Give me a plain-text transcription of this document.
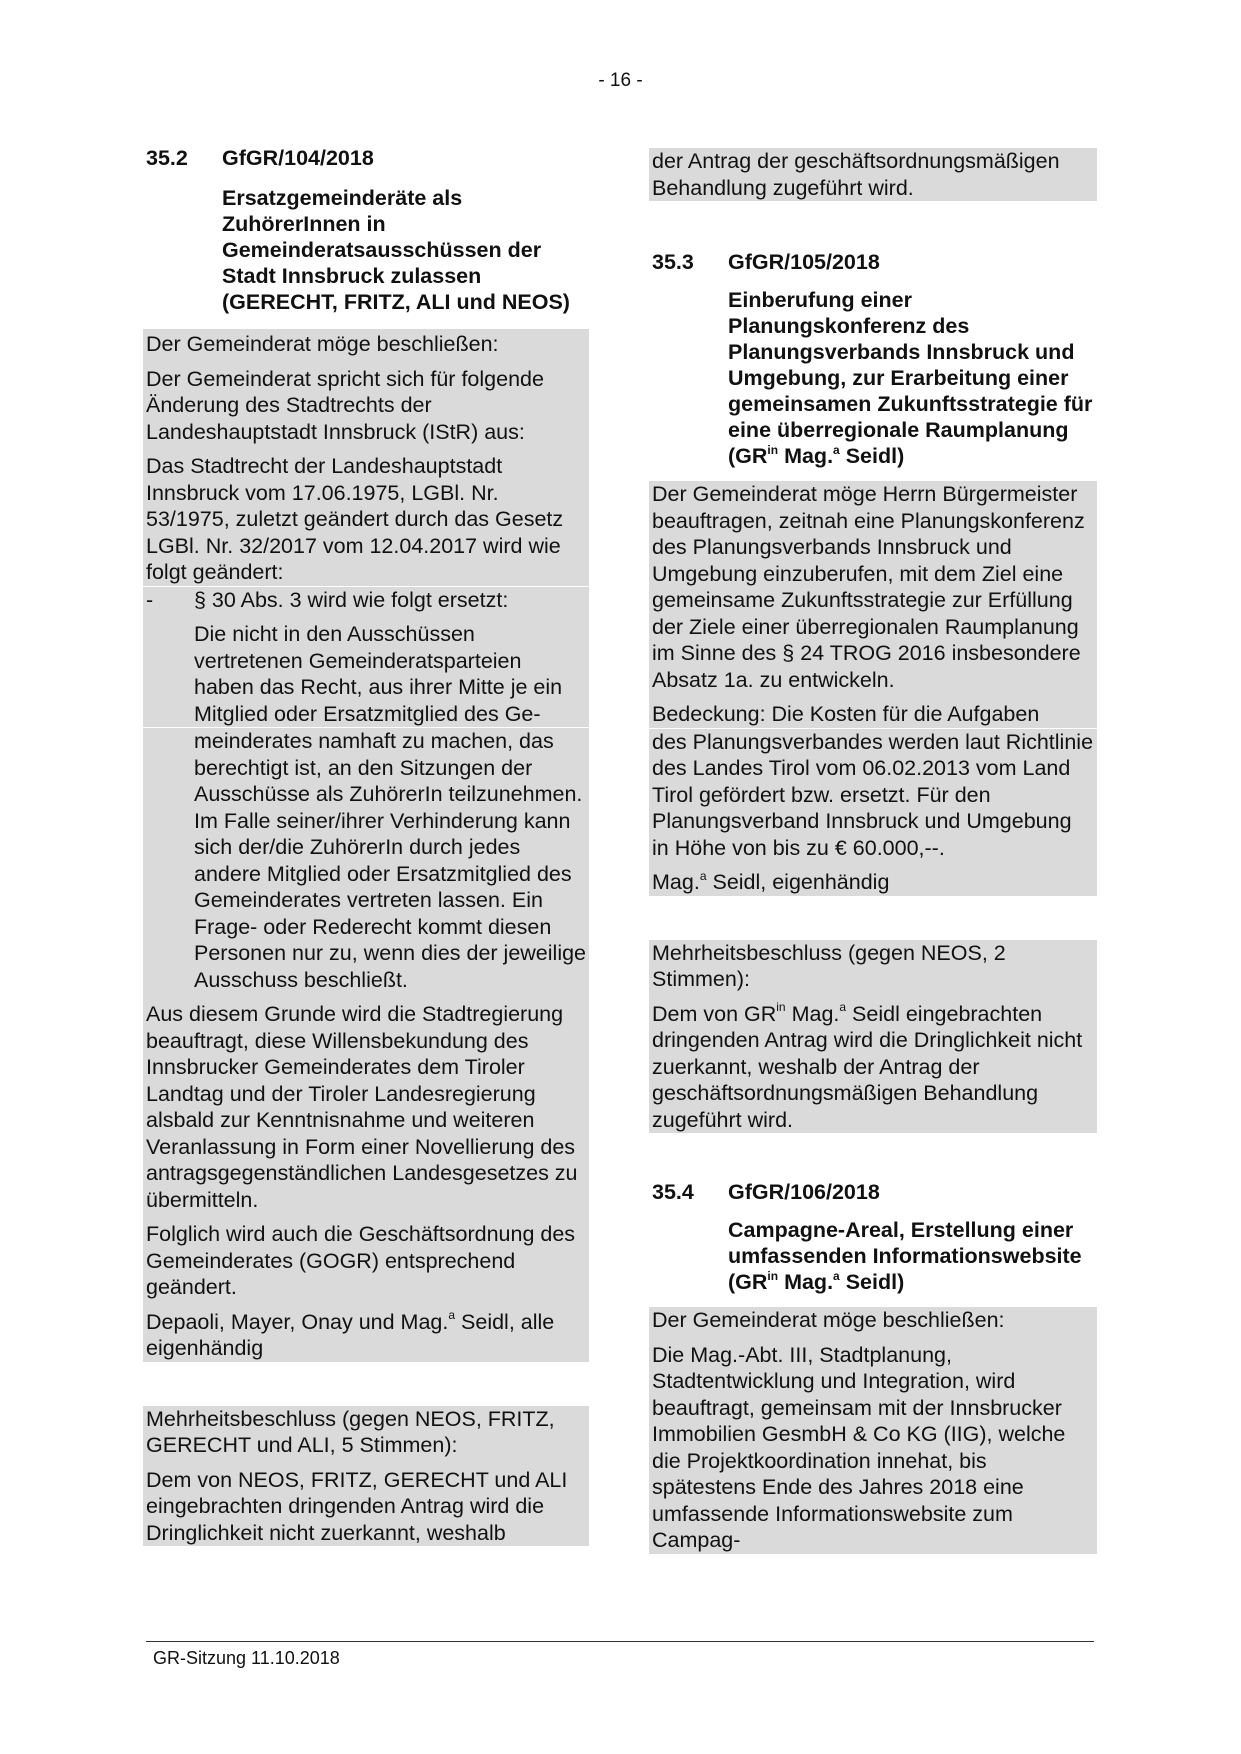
- 16 -
35.2	GfGR/104/2018
Ersatzgemeinderäte als ZuhörerInnen in Gemeinderatsausschüssen der Stadt Innsbruck zulassen (GERECHT, FRITZ, ALI und NEOS)

Der Gemeinderat möge beschließen:

Der Gemeinderat spricht sich für folgende Änderung des Stadtrechts der Landeshauptstadt Innsbruck (IStR) aus:

Das Stadtrecht der Landeshauptstadt Innsbruck vom 17.06.1975, LGBl. Nr. 53/1975, zuletzt geändert durch das Gesetz LGBl. Nr. 32/2017 vom 12.04.2017 wird wie folgt geändert:

-	§ 30 Abs. 3 wird wie folgt ersetzt:

Die nicht in den Ausschüssen vertretenen Gemeinderatsparteien haben das Recht, aus ihrer Mitte je ein Mitglied oder Ersatzmitglied des Ge-

meinderates namhaft zu machen, das berechtigt ist, an den Sitzungen der Ausschüsse als ZuhörerIn teilzunehmen. Im Falle seiner/ihrer Verhinderung kann sich der/die ZuhörerIn durch jedes andere Mitglied oder Ersatzmitglied des Gemeinderates vertreten lassen. Ein Frage- oder Rederecht kommt diesen Personen nur zu, wenn dies der jeweilige Ausschuss beschließt.

Aus diesem Grunde wird die Stadtregierung beauftragt, diese Willensbekundung des Innsbrucker Gemeinderates dem Tiroler Landtag und der Tiroler Landesregierung alsbald zur Kenntnisnahme und weiteren Veranlassung in Form einer Novellierung des antragsgegenständlichen Landesgesetzes zu übermitteln.

Folglich wird auch die Geschäftsordnung des Gemeinderates (GOGR) entsprechend geändert.

Depaoli, Mayer, Onay und Mag.$^a$ Seidl, alle eigenhändig

Mehrheitsbeschluss (gegen NEOS, FRITZ, GERECHT und ALI, 5 Stimmen):

Dem von NEOS, FRITZ, GERECHT und ALI eingebrachten dringenden Antrag wird die Dringlichkeit nicht zuerkannt, weshalb

der Antrag der geschäftsordnungsmäßigen Behandlung zugeführt wird.

35.3	GfGR/105/2018
Einberufung einer Planungskonferenz des Planungsverbands Innsbruck und Umgebung, zur Erarbeitung einer gemeinsamen Zukunftsstrategie für eine überregionale Raumplanung
($GR^{in}$ Mag.$^a$ Seidl)

Der Gemeinderat möge Herrn Bürgermeister beauftragen, zeitnah eine Planungskonferenz des Planungsverbands Innsbruck und Umgebung einzuberufen, mit dem Ziel eine gemeinsame Zukunftsstrategie zur Erfüllung der Ziele einer überregionalen Raumplanung im Sinne des § 24 TROG 2016 insbesondere Absatz 1a. zu entwickeln.

Bedeckung: Die Kosten für die Aufgaben

des Planungsverbandes werden laut Richtlinie des Landes Tirol vom 06.02.2013 vom Land Tirol gefördert bzw. ersetzt. Für den Planungsverband Innsbruck und Umgebung in Höhe von bis zu € 60.000,--.

Mag.$^a$ Seidl, eigenhändig

Mehrheitsbeschluss (gegen NEOS, 2 Stimmen):

Dem von $GR^{in}$ Mag.$^a$ Seidl eingebrachten dringenden Antrag wird die Dringlichkeit nicht zuerkannt, weshalb der Antrag der geschäftsordnungsmäßigen Behandlung zugeführt wird.

35.4	GfGR/106/2018
Campagne-Areal, Erstellung einer umfassenden Informationswebsite ($GR^{in}$ Mag.$^a$ Seidl)

Der Gemeinderat möge beschließen:

Die Mag.-Abt. III, Stadtplanung, Stadtentwicklung und Integration, wird beauftragt, gemeinsam mit der Innsbrucker Immobilien GesmbH & Co KG (IIG), welche die Projektkoordination innehat, bis spätestens Ende des Jahres 2018 eine umfassende Informationswebsite zum Campag-

GR-Sitzung 11.10.2018
